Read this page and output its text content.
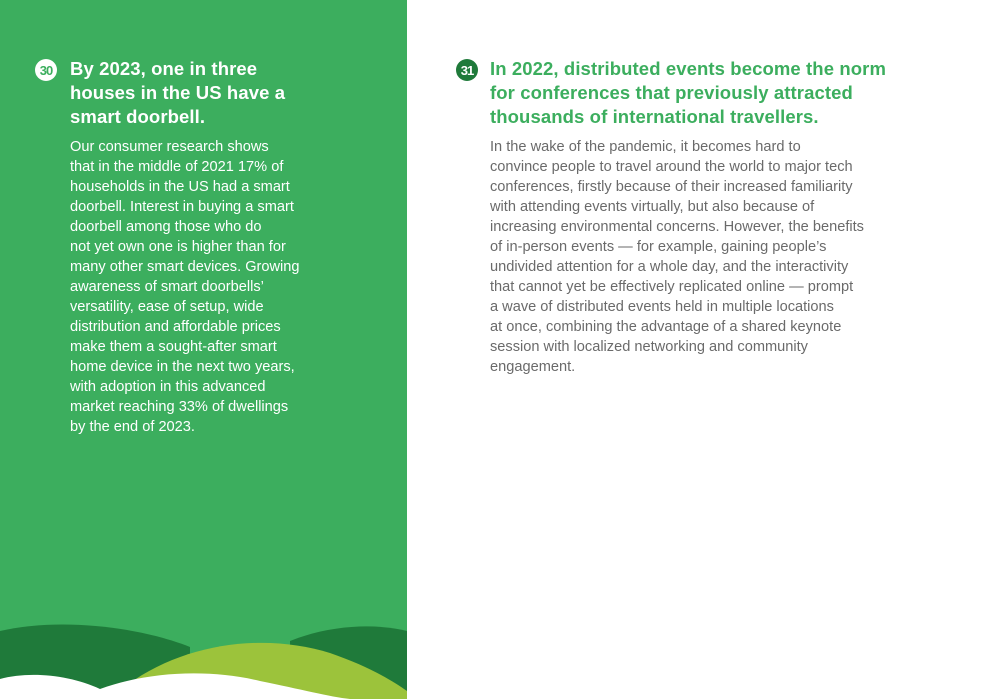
30 By 2023, one in three
houses in the US have a
smart doorbell.

Our consumer research shows
that in the middle of 2021 17% of
households in the US had a smart
doorbell. Interest in buying a smart
doorbell among those who do
not yet own one is higher than for
many other smart devices. Growing
awareness of smart doorbells’
versatility, ease of setup, wide
distribution and affordable prices
make them a sought-after smart
home device in the next two years,
with adoption in this advanced
market reaching 33% of dwellings
by the end of 2023.

31 In 2022, distributed events become the norm
for conferences that previously attracted
thousands of international travellers.

In the wake of the pandemic, it becomes hard to
convince people to travel around the world to major tech
conferences, firstly because of their increased familiarity
with attending events virtually, but also because of
increasing environmental concerns. However, the benefits
of in-person events — for example, gaining people’s
undivided attention for a whole day, and the interactivity
that cannot yet be effectively replicated online — prompt
a wave of distributed events held in multiple locations
at once, combining the advantage of a shared keynote
session with localized networking and community
engagement.
